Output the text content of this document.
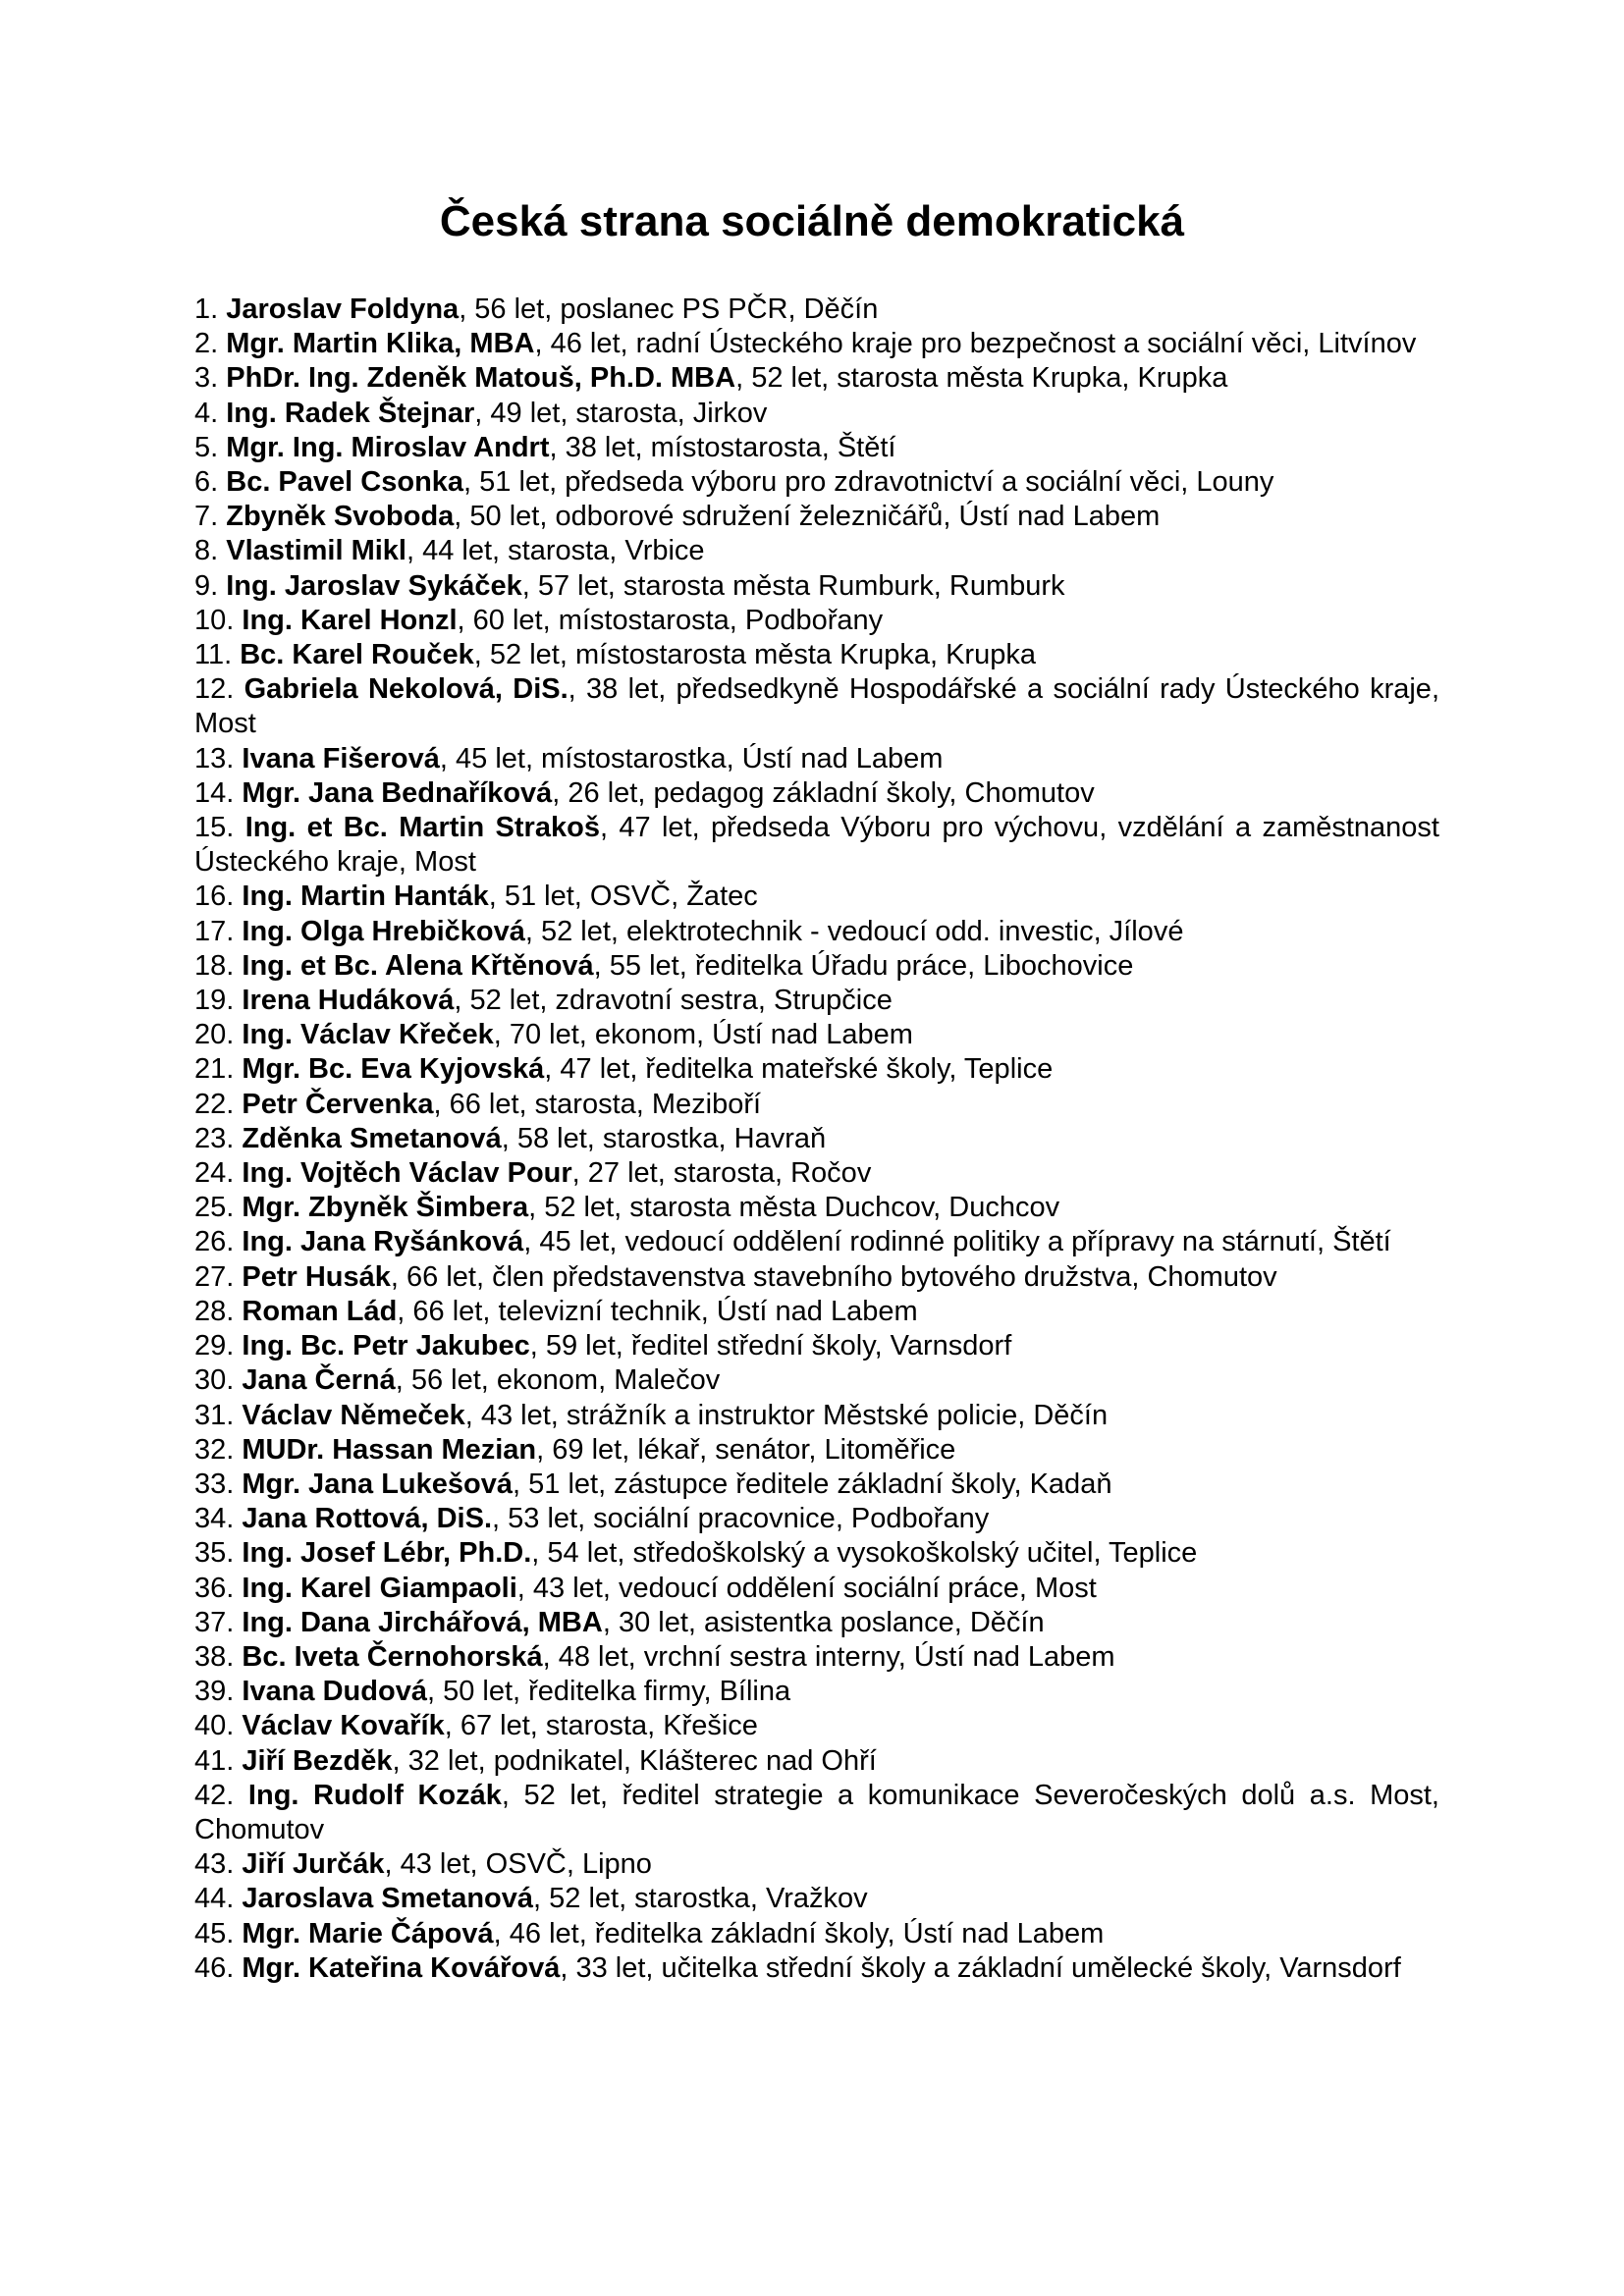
Česká strana sociálně demokratická
1. Jaroslav Foldyna, 56 let, poslanec PS PČR, Děčín
2. Mgr. Martin Klika, MBA, 46 let, radní Ústeckého kraje pro bezpečnost a sociální věci, Litvínov
3. PhDr. Ing. Zdeněk Matouš, Ph.D. MBA, 52 let, starosta města Krupka, Krupka
4. Ing. Radek Štejnar, 49 let, starosta, Jirkov
5. Mgr. Ing. Miroslav Andrt, 38 let, místostarosta, Štětí
6. Bc. Pavel Csonka, 51 let, předseda výboru pro zdravotnictví a sociální věci, Louny
7. Zbyněk Svoboda, 50 let, odborové sdružení železničářů, Ústí nad Labem
8. Vlastimil Mikl, 44 let, starosta, Vrbice
9. Ing. Jaroslav Sykáček, 57 let, starosta města Rumburk, Rumburk
10. Ing. Karel Honzl, 60 let, místostarosta, Podbořany
11. Bc. Karel Rouček, 52 let, místostarosta města Krupka, Krupka
12. Gabriela Nekolová, DiS., 38 let, předsedkyně Hospodářské a sociální rady Ústeckého kraje, Most
13. Ivana Fišerová, 45 let, místostarostka, Ústí nad Labem
14. Mgr. Jana Bednaříková, 26 let, pedagog základní školy, Chomutov
15. Ing. et Bc. Martin Strakoš, 47 let, předseda Výboru pro výchovu, vzdělání a zaměstnanost Ústeckého kraje, Most
16. Ing. Martin Hanták, 51 let, OSVČ, Žatec
17. Ing. Olga Hrebičková, 52 let, elektrotechnik - vedoucí odd. investic, Jílové
18. Ing. et Bc. Alena Křtěnová, 55 let, ředitelka Úřadu práce, Libochovice
19. Irena Hudáková, 52 let, zdravotní sestra, Strupčice
20. Ing. Václav Křeček, 70 let, ekonom, Ústí nad Labem
21. Mgr. Bc. Eva Kyjovská, 47 let, ředitelka mateřské školy, Teplice
22. Petr Červenka, 66 let, starosta, Meziboří
23. Zděnka Smetanová, 58 let, starostka, Havraň
24. Ing. Vojtěch Václav Pour, 27 let, starosta, Ročov
25. Mgr. Zbyněk Šimbera, 52 let, starosta města Duchcov, Duchcov
26. Ing. Jana Ryšánková, 45 let, vedoucí oddělení rodinné politiky a přípravy na stárnutí, Štětí
27. Petr Husák, 66 let, člen představenstva stavebního bytového družstva, Chomutov
28. Roman Lád, 66 let, televizní technik, Ústí nad Labem
29. Ing. Bc. Petr Jakubec, 59 let, ředitel střední školy, Varnsdorf
30. Jana Černá, 56 let, ekonom, Malečov
31. Václav Němeček, 43 let, strážník a instruktor Městské policie, Děčín
32. MUDr. Hassan Mezian, 69 let, lékař, senátor, Litoměřice
33. Mgr. Jana Lukešová, 51 let, zástupce ředitele základní školy, Kadaň
34. Jana Rottová, DiS., 53 let, sociální pracovnice, Podbořany
35. Ing. Josef Lébr, Ph.D., 54 let, středoškolský a vysokoškolský učitel, Teplice
36. Ing. Karel Giampaoli, 43 let, vedoucí oddělení sociální práce, Most
37. Ing. Dana Jirchářová, MBA, 30 let, asistentka poslance, Děčín
38. Bc. Iveta Černohorská, 48 let, vrchní sestra interny, Ústí nad Labem
39. Ivana Dudová, 50 let, ředitelka firmy, Bílina
40. Václav Kovařík, 67 let, starosta, Křešice
41. Jiří Bezděk, 32 let, podnikatel, Klášterec nad Ohří
42. Ing. Rudolf Kozák, 52 let, ředitel strategie a komunikace Severočeských dolů a.s. Most, Chomutov
43. Jiří Jurčák, 43 let, OSVČ, Lipno
44. Jaroslava Smetanová, 52 let, starostka, Vražkov
45. Mgr. Marie Čápová, 46 let, ředitelka základní školy, Ústí nad Labem
46. Mgr. Kateřina Kovářová, 33 let, učitelka střední školy a základní umělecké školy, Varnsdorf
